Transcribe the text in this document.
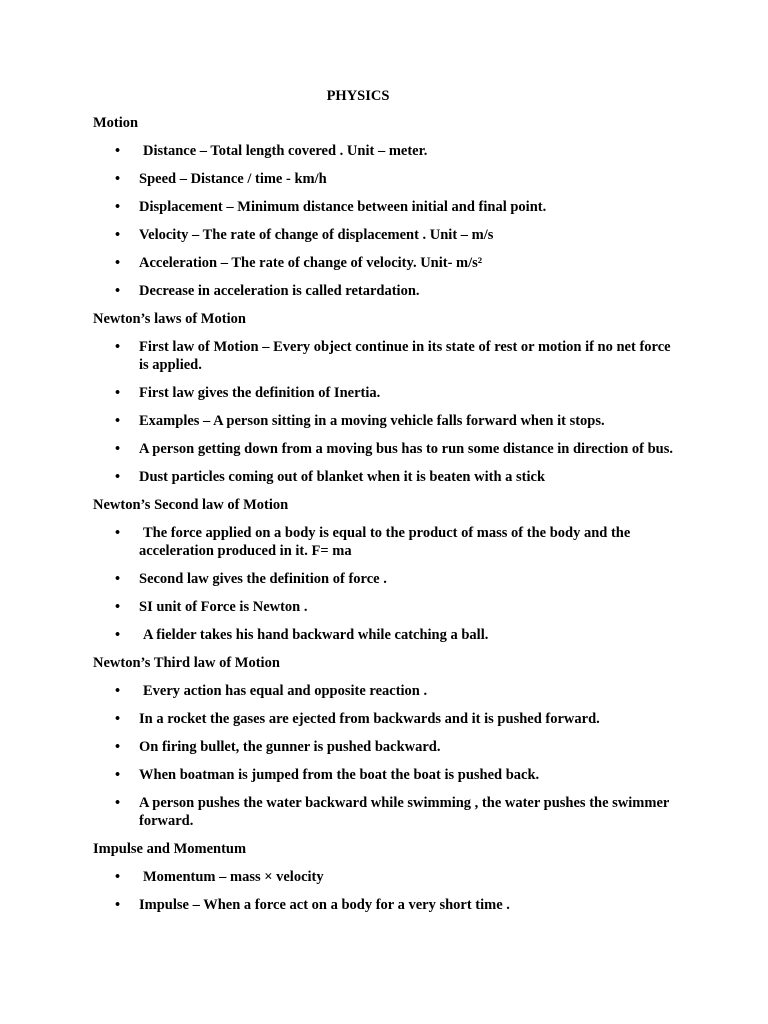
PHYSICS
Motion
• Distance – Total length covered . Unit – meter.
• Speed – Distance / time - km/h
• Displacement – Minimum distance between initial and final point.
• Velocity – The rate of change of displacement . Unit – m/s
• Acceleration – The rate of change of velocity. Unit- m/s²
• Decrease in acceleration is called retardation.
Newton’s laws of Motion
• First law of Motion – Every object continue in its state of rest or motion if no net force is applied.
• First law gives the definition of Inertia.
• Examples – A person sitting in a moving vehicle falls forward when it stops.
• A person getting down from a moving bus has to run some distance in direction of bus.
• Dust particles coming out of blanket when it is beaten with a stick
Newton’s Second law of Motion
• The force applied on a body is equal to the product of mass of the body and the acceleration produced in it. F= ma
• Second law gives the definition of force .
• SI unit of Force is Newton .
• A fielder takes his hand backward while catching a ball.
Newton’s Third law of Motion
• Every action has equal and opposite reaction .
• In a rocket the gases are ejected from backwards and it is pushed forward.
• On firing bullet, the gunner is pushed backward.
• When boatman is jumped from the boat the boat is pushed back.
• A person pushes the water backward while swimming , the water pushes the swimmer forward.
Impulse and Momentum
• Momentum – mass × velocity
• Impulse – When a force act on a body for a very short time .
